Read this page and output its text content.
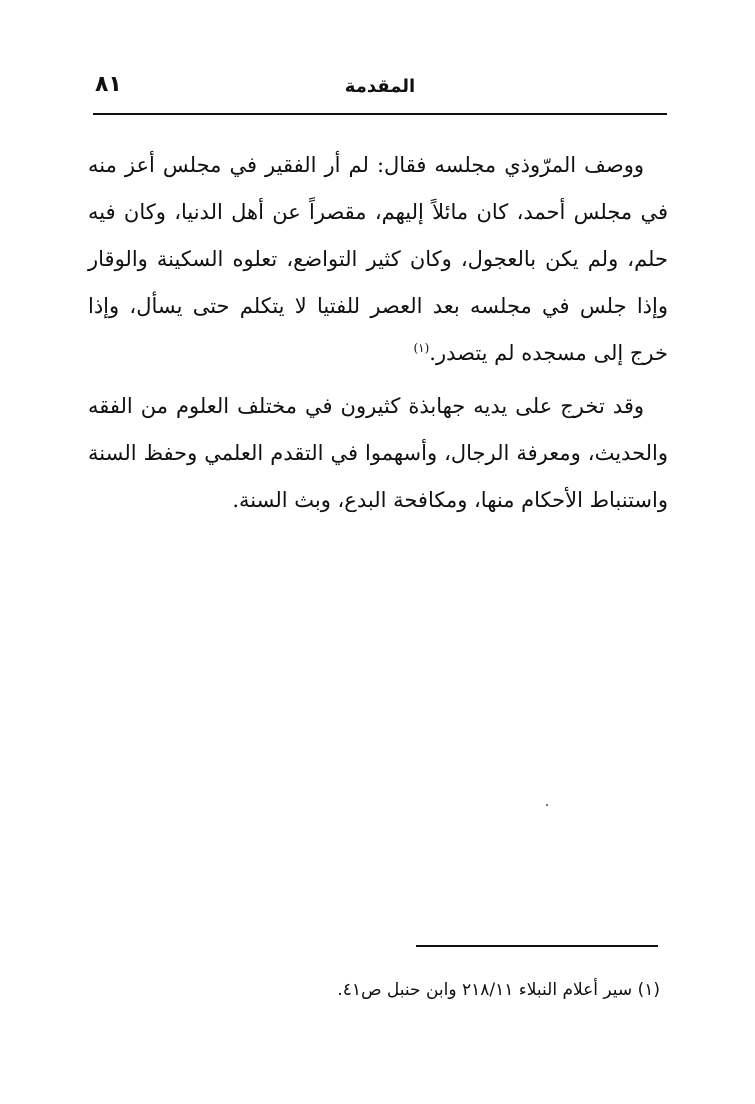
المقدمة
٨١

ووصف المرّوذي مجلسه فقال: لم أر الفقير في مجلس أعز منه في مجلس أحمد، كان مائلاً إليهم، مقصراً عن أهل الدنيا، وكان فيه حلم، ولم يكن بالعجول، وكان كثير التواضع، تعلوه السكينة والوقار وإذا جلس في مجلسه بعد العصر للفتيا لا يتكلم حتى يسأل، وإذا خرج إلى مسجده لم يتصدر.$^{(١)}$

وقد تخرج على يديه جهابذة كثيرون في مختلف العلوم من الفقه والحديث، ومعرفة الرجال، وأسهموا في التقدم العلمي وحفظ السنة واستنباط الأحكام منها، ومكافحة البدع، وبث السنة.

(١) سير أعلام النبلاء ٢١٨/١١ وابن حنبل ص٤١.
